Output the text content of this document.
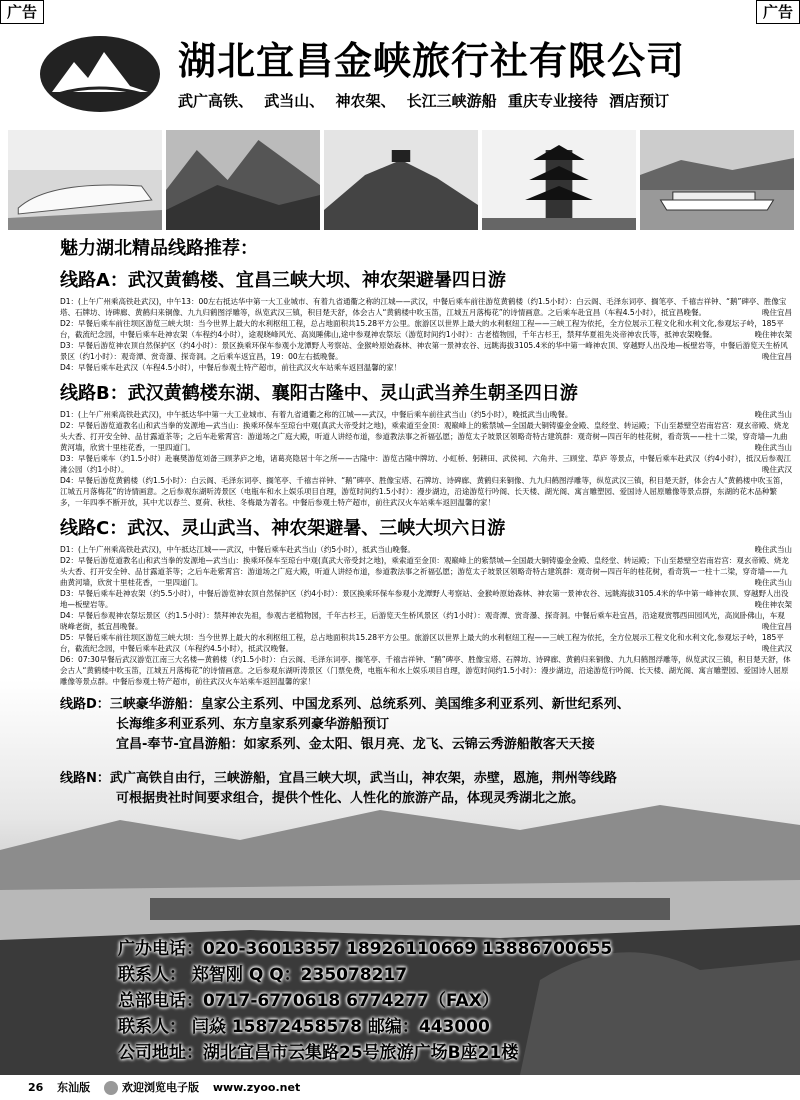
广告	广告
湖北宜昌金峡旅行社有限公司
武广高铁、 武当山、 神农架、 长江三峡游船 重庆专业接待 酒店预订
魅力湖北精品线路推荐：
线路A：武汉黄鹤楼、宜昌三峡大坝、神农架避暑四日游

D1：(上午广州乘高铁赴武汉)，中午13：00左右抵达华中第一大工业城市、有着九省通衢之称的江城——武汉，中餐后乘车前往游览黄鹤楼（约1.5小时）：白云阁、毛泽东词亭、搁笔亭、千禧吉祥钟、“鹅”碑亭、胜像宝塔、石牌坊、诗碑廊、黄鹤归来铜像、九九归鹤图浮雕等，纵览武汉三镇，积目楚天舒，体会古人“黄鹤楼中吹玉笛，江城五月落梅花”的诗情画意。之后乘车赴宜昌（车程4.5小时），抵宜昌晚餐。	晚住宜昌

D2：早餐后乘车前往坝区游览三峡大坝：当今世界上最大的水利枢纽工程，总占地面积共15.28平方公里。旅游区以世界上最大的水利枢纽工程——三峡工程为依托，全方位展示工程文化和水利文化,参观坛子岭，185平台，截流纪念园，中餐后乘车赴神农架（车程约4小时），途观晓峰风光、高岚睡佛山,途中参观神农祭坛（游览时间约1小时）：古老植物园，千年古杉王，禁拜华夏祖先炎帝神农氏等，抵神农架晚餐。	晚住神农架

D3：早餐后游览神农顶自然保护区（约4小时）：景区换乘环保车参观小龙潭野人考察站、金猴岭原始森林、神农第一景神农谷、远眺海拔3105.4米的华中第一峰神农顶、穿越野人出没地—板壁岩等，中餐后游览天生桥风景区（约1小时）：观奇潭、赏奇瀑、探奇洞。之后乘车返宜昌，19：00左右抵晚餐。	晚住宜昌

D4：早餐后乘车赴武汉（车程4.5小时），中餐后参观土特产超市，前往武汉火车站乘车返回温馨的家！

线路B：武汉黄鹤楼东湖、襄阳古隆中、灵山武当养生朝圣四日游

D1：(上午广州乘高铁赴武汉)，中午抵达华中第一大工业城市、有着九省通衢之称的江城——武汉，中餐后乘车前往武当山（约5小时），晚抵武当山晚餐。	晚住武当山

D2：早餐后游览道教名山和武当拳的发源地—武当山：换乘环保车至琼台中观(真武大帝受封之地)，乘索道至金顶：观巅峰上的紫禁城—全国最大铜铸鎏金金殿、皇经堂、转运殿；下山至悬壁空岩南岩宫：观玄帝殿、烧龙头大香、打开安全钟、品甘露道茶等；之后车赴紫霄宫：游道场之广庭大殿，听道人讲经布道，参道教法事之祈福弘愿；游览太子坡景区领略奇特古建筑群：观奇树—四百年的桂花树，看奇筑——柱十二梁，穿奇墙—九曲黄河墙，欣赏十里桂花香，一里四道门。	晚住武当山

D3：早餐后乘车（约1.5小时）赴襄樊游览刘备三顾茅庐之地，诸葛亮隐居十年之所——古隆中：游览古隆中牌坊、小虹桥、躬耕田、武侯祠、六角井、三顾堂、草庐 等景点，中餐后乘车赴武汉（约4小时），抵汉后参观江滩公园（约1小时）。	晚住武汉

D4：早餐后游览黄鹤楼（约1.5小时）：白云阁、毛泽东词亭、搁笔亭、千禧吉祥钟、“鹅”碑亭、胜像宝塔、石牌坊、诗碑廊、黄鹤归来铜像、九九归鹤图浮雕等，纵览武汉三镇，积目楚天舒，体会古人“黄鹤楼中吹玉笛，江城五月落梅花”的诗情画意。之后参观东湖听涛景区（电瓶车和水上娱乐项目自理，游览时间约1.5小时）：漫步湖边，沿途游览行吟阁、长天楼、湖光阁、寓言雕塑园、爱国诗人屈原雕像等景点群，东湖的花木品种繁多，一年四季不断开放，其中尤以春兰、夏荷、秋桂、冬梅最为著名。中餐后参观土特产超市，前往武汉火车站乘车返回温馨的家！

线路C：武汉、灵山武当、神农架避暑、三峡大坝六日游

D1：(上午广州乘高铁赴武汉)，中午抵达江城——武汉，中餐后乘车赴武当山（约5小时），抵武当山晚餐。	晚住武当山

D2：早餐后游览道教名山和武当拳的发源地—武当山：换乘环保车至琼台中观(真武大帝受封之地)，乘索道至金顶：观巅峰上的紫禁城—全国最大铜铸鎏金金殿、皇经堂、转运殿；下山至悬壁空岩南岩宫：观玄帝殿、烧龙头大香、打开安全钟、品甘露道茶等；之后车赴紫霄宫：游道场之广庭大殿，听道人讲经布道，参道教法事之祈福弘愿；游览太子坡景区领略奇特古建筑群：观奇树—四百年的桂花树，看奇筑—一柱十二梁，穿奇墙——九曲黄河墙，欣赏十里桂花香，一里四道门。	晚住武当山

D3：早餐后乘车赴神农架（约5.5小时），中餐后游览神农顶自然保护区（约4小时）：景区换乘环保车参观小龙潭野人考察站、金猴岭原始森林、神农第一景神农谷、远眺海拔3105.4米的华中第一峰神农顶、穿越野人出没地—板壁岩等。	晚住神农架

D4：早餐后参观神农祭坛景区（约1.5小时）：禁拜神农先祖，参观古老植物园，千年古杉王，后游览天生桥风景区（约1小时）：观奇潭、赏奇瀑、探奇洞。中餐后乘车赴宜昌，沿途观赏鄂西田园风光，高岚卧佛山，车观晓峰老街，抵宜昌晚餐。	晚住宜昌

D5：早餐后乘车前往坝区游览三峡大坝：当今世界上最大的水利枢纽工程，总占地面积共15.28平方公里。旅游区以世界上最大的水利枢纽工程——三峡工程为依托，全方位展示工程文化和水利文化,参观坛子岭，185平台，截流纪念园，中餐后乘车赴武汉（车程约4.5小时），抵武汉晚餐。	晚住武汉

D6：07:30早餐后武汉游览江南三大名楼—黄鹤楼（约1.5小时）：白云阁、毛泽东词亭、搁笔亭、千禧吉祥钟、“鹅”碑亭、胜像宝塔、石牌坊、诗碑廊、黄鹤归来铜像、九九归鹤图浮雕等，纵览武汉三镇，积目楚天舒，体会古人“黄鹤楼中吹玉笛，江城五月落梅花”的诗情画意。之后参观东湖听涛景区（门票免费，电瓶车和水上娱乐项目自理，游览时间约1.5小时）：漫步湖边，沿途游览行吟阁、长天楼、湖光阁、寓言雕塑园、爱国诗人屈原雕像等景点群。中餐后参观土特产超市，前往武汉火车站乘车返回温馨的家！

线路D：三峡豪华游船：皇家公主系列、中国龙系列、总统系列、美国维多利亚系列、新世纪系列、

长海维多利亚系列、东方皇家系列豪华游船预订

宜昌-奉节-宜昌游船：如家系列、金太阳、银月亮、龙飞、云锦云秀游船散客天天接

线路N：武广高铁自由行，三峡游船，宜昌三峡大坝，武当山，神农架，赤壁，恩施，荆州等线路

可根据贵社时间要求组合，提供个性化、人性化的旅游产品，体现灵秀湖北之旅。

广办电话：020-36013357 18926110669 13886700655
联系人： 郑智刚 Q Q：235078217
总部电话：0717-6770618 6774277（FAX）
联系人： 闫焱 15872458578 邮编：443000
公司地址：湖北宜昌市云集路25号旅游广场B座21楼
26 东汕版	欢迎浏览电子版 www.zyoo.net
